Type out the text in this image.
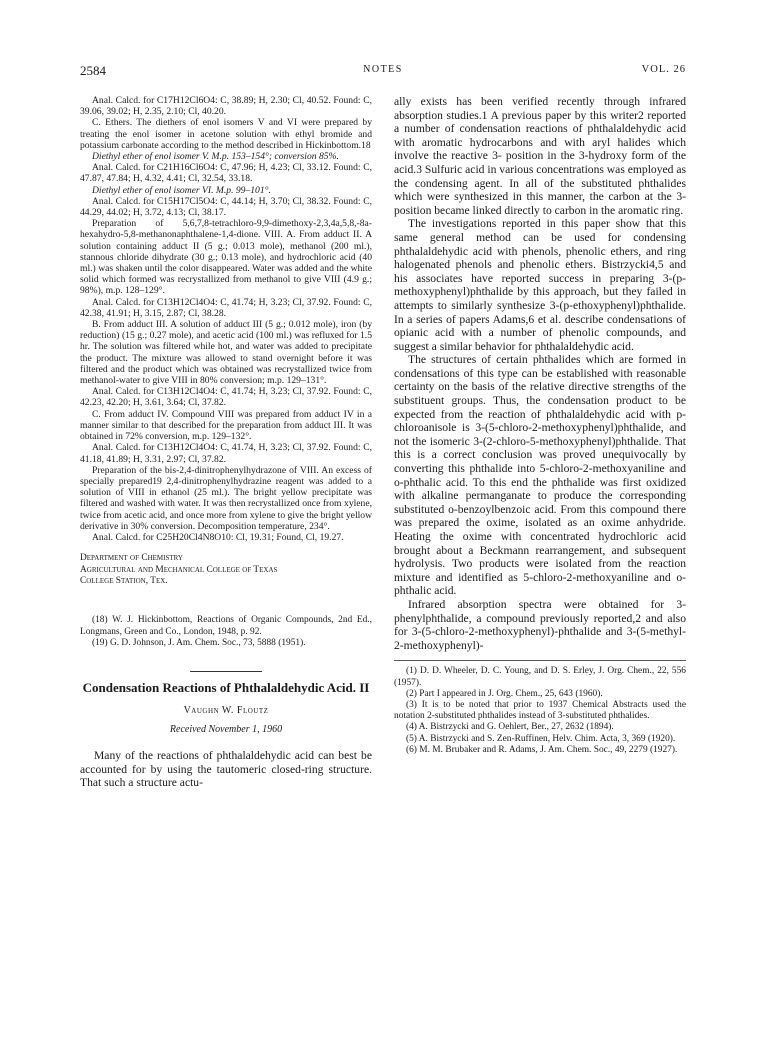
2584	NOTES	VOL. 26

Anal. Calcd. for C17H12Cl6O4: C, 38.89; H, 2.30; Cl, 40.52. Found: C, 39.06, 39.02; H, 2.35, 2.10; Cl, 40.20.

C. Ethers. The diethers of enol isomers V and VI were prepared by treating the enol isomer in acetone solution with ethyl bromide and potassium carbonate according to the method described in Hickinbottom.18

Diethyl ether of enol isomer V. M.p. 153–154°; conversion 85%.

Anal. Calcd. for C21H16Cl6O4: C, 47.96; H, 4.23; Cl, 33.12. Found: C, 47.87, 47.84; H, 4.32, 4.41; Cl, 32.54, 33.18.

Diethyl ether of enol isomer VI. M.p. 99–101°.

Anal. Calcd. for C15H17Cl5O4: C, 44.14; H, 3.70; Cl, 38.32. Found: C, 44.29, 44.02; H, 3.72, 4.13; Cl, 38.17.

Preparation of 5,6,7,8-tetrachloro-9,9-dimethoxy-2,3,4a,5,8,-8a-hexahydro-5,8-methanonaphthalene-1,4-dione. VIII. A. From adduct II. A solution containing adduct II (5 g.; 0.013 mole), methanol (200 ml.), stannous chloride dihydrate (30 g.; 0.13 mole), and hydrochloric acid (40 ml.) was shaken until the color disappeared. Water was added and the white solid which formed was recrystallized from methanol to give VIII (4.9 g.; 98%), m.p. 128–129°.

Anal. Calcd. for C13H12Cl4O4: C, 41.74; H, 3.23; Cl, 37.92. Found: C, 42.38, 41.91; H, 3.15, 2.87; Cl, 38.28.

B. From adduct III. A solution of adduct III (5 g.; 0.012 mole), iron (by reduction) (15 g.; 0.27 mole), and acetic acid (100 ml.) was refluxed for 1.5 hr. The solution was filtered while hot, and water was added to precipitate the product. The mixture was allowed to stand overnight before it was filtered and the product which was obtained was recrystallized twice from methanol-water to give VIII in 80% conversion; m.p. 129–131°.

Anal. Calcd. for C13H12Cl4O4: C, 41.74; H, 3.23; Cl, 37.92. Found: C, 42.23, 42.20; H, 3.61, 3.64; Cl, 37.82.

C. From adduct IV. Compound VIII was prepared from adduct IV in a manner similar to that described for the preparation from adduct III. It was obtained in 72% conversion, m.p. 129–132°.

Anal. Calcd. for C13H12Cl4O4: C, 41.74, H, 3.23; Cl, 37.92. Found: C, 41.18, 41.89; H, 3.31, 2.97; Cl, 37.82.

Preparation of the bis-2,4-dinitrophenylhydrazone of VIII. An excess of specially prepared19 2,4-dinitrophenylhydrazine reagent was added to a solution of VIII in ethanol (25 ml.). The bright yellow precipitate was filtered and washed with water. It was then recrystallized once from xylene, twice from acetic acid, and once more from xylene to give the bright yellow derivative in 30% conversion. Decomposition temperature, 234°.

Anal. Calcd. for C25H20Cl4N8O10: Cl, 19.31; Found, Cl, 19.27.

Department of Chemistry

Agricultural and Mechanical College of Texas

College Station, Tex.

(18) W. J. Hickinbottom, Reactions of Organic Compounds, 2nd Ed., Longmans, Green and Co., London, 1948, p. 92.

(19) G. D. Johnson, J. Am. Chem. Soc., 73, 5888 (1951).

Condensation Reactions of Phthalaldehydic Acid. II
Vaughn W. Floutz
Received November 1, 1960

Many of the reactions of phthalaldehydic acid can best be accounted for by using the tautomeric closed-ring structure. That such a structure actu-

ally exists has been verified recently through infrared absorption studies.1 A previous paper by this writer2 reported a number of condensation reactions of phthalaldehydic acid with aromatic hydrocarbons and with aryl halides which involve the reactive 3- position in the 3-hydroxy form of the acid.3 Sulfuric acid in various concentrations was employed as the condensing agent. In all of the substituted phthalides which were synthesized in this manner, the carbon at the 3- position became linked directly to carbon in the aromatic ring.

The investigations reported in this paper show that this same general method can be used for condensing phthalaldehydic acid with phenols, phenolic ethers, and ring halogenated phenols and phenolic ethers. Bistrzycki4,5 and his associates have reported success in preparing 3-(p-methoxyphenyl)phthalide by this approach, but they failed in attempts to similarly synthesize 3-(p-ethoxyphenyl)phthalide. In a series of papers Adams,6 et al. describe condensations of opianic acid with a number of phenolic compounds, and suggest a similar behavior for phthalaldehydic acid.

The structures of certain phthalides which are formed in condensations of this type can be established with reasonable certainty on the basis of the relative directive strengths of the substituent groups. Thus, the condensation product to be expected from the reaction of phthalaldehydic acid with p-chloroanisole is 3-(5-chloro-2-methoxyphenyl)phthalide, and not the isomeric 3-(2-chloro-5-methoxyphenyl)phthalide. That this is a correct conclusion was proved unequivocally by converting this phthalide into 5-chloro-2-methoxyaniline and o-phthalic acid. To this end the phthalide was first oxidized with alkaline permanganate to produce the corresponding substituted o-benzoylbenzoic acid. From this compound there was prepared the oxime, isolated as an oxime anhydride. Heating the oxime with concentrated hydrochloric acid brought about a Beckmann rearrangement, and subsequent hydrolysis. Two products were isolated from the reaction mixture and identified as 5-chloro-2-methoxyaniline and o-phthalic acid.

Infrared absorption spectra were obtained for 3-phenylphthalide, a compound previously reported,2 and also for 3-(5-chloro-2-methoxyphenyl)-phthalide and 3-(5-methyl-2-methoxyphenyl)-

(1) D. D. Wheeler, D. C. Young, and D. S. Erley, J. Org. Chem., 22, 556 (1957).

(2) Part I appeared in J. Org. Chem., 25, 643 (1960).

(3) It is to be noted that prior to 1937 Chemical Abstracts used the notation 2-substituted phthalides instead of 3-substituted phthalides.

(4) A. Bistrzycki and G. Oehlert, Ber., 27, 2632 (1894).

(5) A. Bistrzycki and S. Zen-Ruffinen, Helv. Chim. Acta, 3, 369 (1920).

(6) M. M. Brubaker and R. Adams, J. Am. Chem. Soc., 49, 2279 (1927).
